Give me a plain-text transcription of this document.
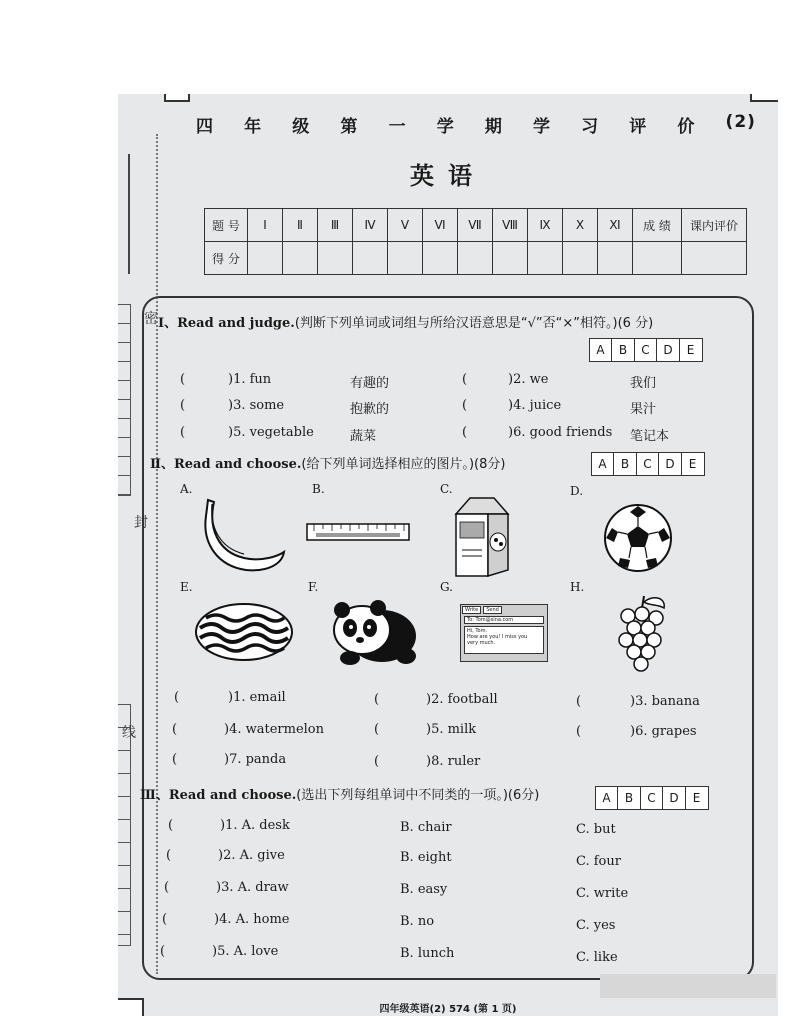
密
封
线
四 年 级 第 一 学 期 学 习 评 价 (2)
英语
题 号	Ⅰ	Ⅱ	Ⅲ	Ⅳ	Ⅴ	Ⅵ	Ⅶ	Ⅷ	Ⅸ	Ⅹ	Ⅺ	成 绩	课内评价
得 分													
Ⅰ、Read and judge.(判断下列单词或词组与所给汉语意思是“√”否“×”相符。)(6 分)
A	B	C	D	E
(	)1. fun	有趣的	(	)2. we	我们
(	)3. some	抱歉的	(	)4. juice	果汁
(	)5. vegetable	蔬菜	(	)6. good friends 笔记本
Ⅱ、Read and choose.(给下列单词选择相应的图片。)(8分)	A	B	C	D	E
A.	B.	C.	D.
E.	F.	G.	H.
Write	Send
To: Tom@sina.com
Hi, Tom.
How are you! I miss you
very much.
(	)1. email	(	)2. football	(	)3. banana
(	)4. watermelon	(	)5. milk	(	)6. grapes
(	)7. panda	(	)8. ruler
Ⅲ、Read and choose.(选出下列每组单词中不同类的一项。)(6分)	A	B	C	D	E
(	)1. A. desk	B. chair	C. but
(	)2. A. give	B. eight	C. four
(	)3. A. draw	B. easy	C. write
(	)4. A. home	B. no	C. yes
(	)5. A. love	B. lunch	C. like
四年级英语(2) 574 (第 1 页)
